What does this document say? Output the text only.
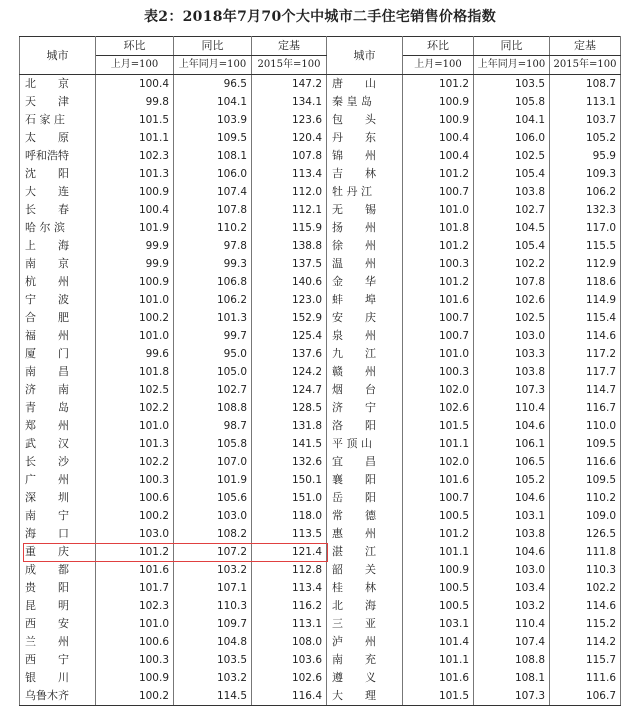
表2：2018年7月70个大中城市二手住宅销售价格指数
城市	环比	同比	定基	城市	环比	同比	定基
	上月=100	上年同月=100	2015年=100		上月=100	上年同月=100	2015年=100
北　　京	100.4	96.5	147.2	唐　　山	101.2	103.5	108.7
天　　津	99.8	104.1	134.1	秦 皇 岛	100.9	105.8	113.1
石 家 庄	101.5	103.9	123.6	包　　头	100.9	104.1	103.7
太　　原	101.1	109.5	120.4	丹　　东	100.4	106.0	105.2
呼和浩特	102.3	108.1	107.8	锦　　州	100.4	102.5	95.9
沈　　阳	101.3	106.0	113.4	吉　　林	101.2	105.4	109.3
大　　连	100.9	107.4	112.0	牡 丹 江	100.7	103.8	106.2
长　　春	100.4	107.8	112.1	无　　锡	101.0	102.7	132.3
哈 尔 滨	101.9	110.2	115.9	扬　　州	101.8	104.5	117.0
上　　海	99.9	97.8	138.8	徐　　州	101.2	105.4	115.5
南　　京	99.9	99.3	137.5	温　　州	100.3	102.2	112.9
杭　　州	100.9	106.8	140.6	金　　华	101.2	107.8	118.6
宁　　波	101.0	106.2	123.0	蚌　　埠	101.6	102.6	114.9
合　　肥	100.2	101.3	152.9	安　　庆	100.7	102.5	115.4
福　　州	101.0	99.7	125.4	泉　　州	100.7	103.0	114.6
厦　　门	99.6	95.0	137.6	九　　江	101.0	103.3	117.2
南　　昌	101.8	105.0	124.2	赣　　州	100.3	103.8	117.7
济　　南	102.5	102.7	124.7	烟　　台	102.0	107.3	114.7
青　　岛	102.2	108.8	128.5	济　　宁	102.6	110.4	116.7
郑　　州	101.0	98.7	131.8	洛　　阳	101.5	104.6	110.0
武　　汉	101.3	105.8	141.5	平 顶 山	101.1	106.1	109.5
长　　沙	102.2	107.0	132.6	宜　　昌	102.0	106.5	116.6
广　　州	100.3	101.9	150.1	襄　　阳	101.6	105.2	109.5
深　　圳	100.6	105.6	151.0	岳　　阳	100.7	104.6	110.2
南　　宁	100.2	103.0	118.0	常　　德	100.5	103.1	109.0
海　　口	103.0	108.2	113.5	惠　　州	101.2	103.8	126.5
重　　庆	101.2	107.2	121.4	湛　　江	101.1	104.6	111.8
成　　都	101.6	103.2	112.8	韶　　关	100.9	103.0	110.3
贵　　阳	101.7	107.1	113.4	桂　　林	100.5	103.4	102.2
昆　　明	102.3	110.3	116.2	北　　海	100.5	103.2	114.6
西　　安	101.0	109.7	113.1	三　　亚	103.1	110.4	115.2
兰　　州	100.6	104.8	108.0	泸　　州	101.4	107.4	114.2
西　　宁	100.3	103.5	103.6	南　　充	101.1	108.8	115.7
银　　川	100.9	103.2	102.6	遵　　义	101.6	108.1	111.6
乌鲁木齐	100.2	114.5	116.4	大　　理	101.5	107.3	106.7
